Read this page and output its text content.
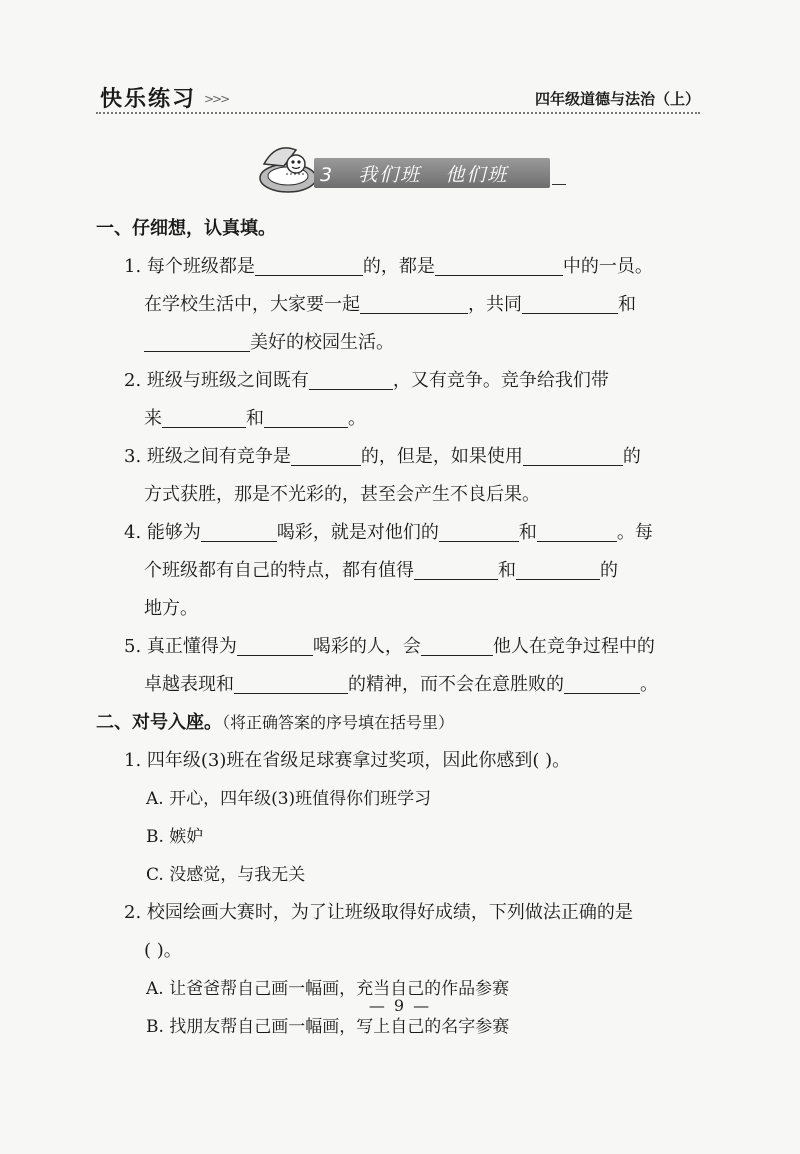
快乐练习 >>>	四年级道德与法治（上）
3   我们班   他们班
一、仔细想，认真填。
1. 每个班级都是	的，都是	中的一员。
在学校生活中，大家要一起	，共同	和
美好的校园生活。
2. 班级与班级之间既有	，又有竞争。竞争给我们带
来	和	。
3. 班级之间有竞争是	的，但是，如果使用	的
方式获胜，那是不光彩的，甚至会产生不良后果。
4. 能够为	喝彩，就是对他们的	和	。每
个班级都有自己的特点，都有值得	和	的
地方。
5. 真正懂得为	喝彩的人，会	他人在竞争过程中的
卓越表现和	的精神，而不会在意胜败的	。
二、对号入座。（将正确答案的序号填在括号里）
1. 四年级(3)班在省级足球赛拿过奖项，因此你感到( )。
A. 开心，四年级(3)班值得你们班学习
B. 嫉妒
C. 没感觉，与我无关
2. 校园绘画大赛时，为了让班级取得好成绩，下列做法正确的是
( )。
A. 让爸爸帮自己画一幅画，充当自己的作品参赛
B. 找朋友帮自己画一幅画，写上自己的名字参赛
— 9 —
